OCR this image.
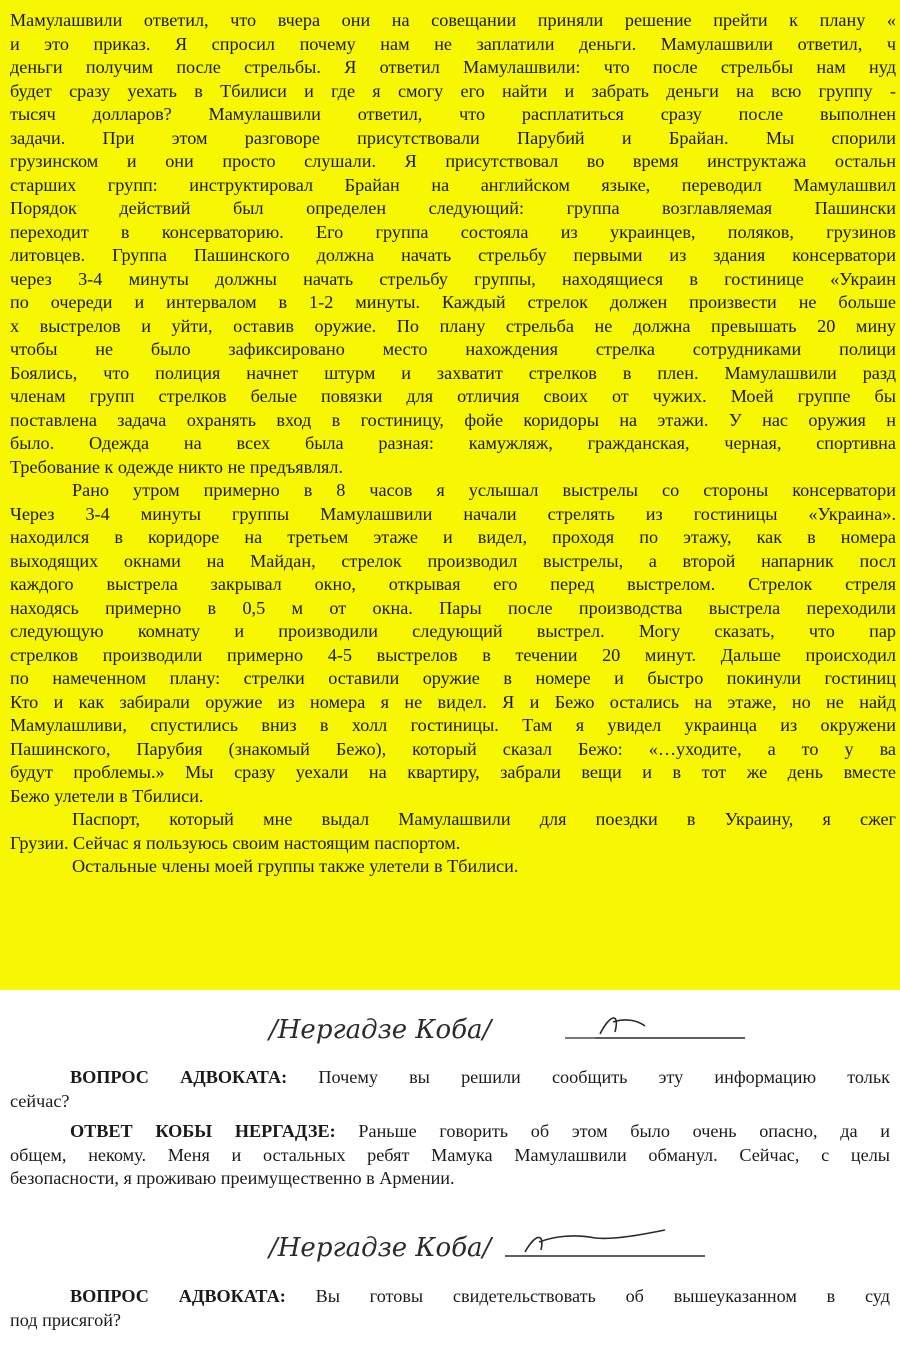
Мамулашвили ответил, что вчера они на совещании приняли решение прейти к плану «
и это приказ. Я спросил почему нам не заплатили деньги. Мамулашвили ответил, ч
деньги получим после стрельбы. Я ответил Мамулашвили: что после стрельбы нам нуд
будет сразу уехать в Тбилиси и где я смогу его найти и забрать деньги на всю группу -
тысяч долларов? Мамулашвили ответил, что расплатиться сразу после выполнен
задачи. При этом разговоре присутствовали Парубий и Брайан. Мы спорили
грузинском и они просто слушали. Я присутствовал во время инструктажа остальн
старших групп: инструктировал Брайан на английском языке, переводил Мамулашвил
Порядок действий был определен следующий: группа возглавляемая Пашински
переходит в консерваторию. Его группа состояла из украинцев, поляков, грузинов
литовцев. Группа Пашинского должна начать стрельбу первыми из здания консерватори
через 3-4 минуты должны начать стрельбу группы, находящиеся в гостинице «Украин
по очереди и интервалом в 1-2 минуты. Каждый стрелок должен произвести не больше
х выстрелов и уйти, оставив оружие. По плану стрельба не должна превышать 20 мину
чтобы не было зафиксировано место нахождения стрелка сотрудниками полици
Боялись, что полиция начнет штурм и захватит стрелков в плен. Мамулашвили разд
членам групп стрелков белые повязки для отличия своих от чужих. Моей группе бы
поставлена задача охранять вход в гостиницу, фойе коридоры на этажи. У нас оружия н
было. Одежда на всех была разная: камужляж, гражданская, черная, спортивна
Требование к одежде никто не предъявлял.
Рано утром примерно в 8 часов я услышал выстрелы со стороны консерватори
Через 3-4 минуты группы Мамулашвили начали стрелять из гостиницы «Украина».
находился в коридоре на третьем этаже и видел, проходя по этажу, как в номера
выходящих окнами на Майдан, стрелок производил выстрелы, а второй напарник посл
каждого выстрела закрывал окно, открывая его перед выстрелом. Стрелок стреля
находясь примерно в 0,5 м от окна. Пары после производства выстрела переходили
следующую комнату и производили следующий выстрел. Могу сказать, что пар
стрелков производили примерно 4-5 выстрелов в течении 20 минут. Дальше происходил
по намеченном плану: стрелки оставили оружие в номере и быстро покинули гостиниц
Кто и как забирали оружие из номера я не видел. Я и Бежо остались на этаже, но не найд
Мамулашливи, спустились вниз в холл гостиницы. Там я увидел украинца из окружени
Пашинского, Парубия (знакомый Бежо), который сказал Бежо: «…уходите, а то у ва
будут проблемы.» Мы сразу уехали на квартиру, забрали вещи и в тот же день вместе
Бежо улетели в Тбилиси.
Паспорт, который мне выдал Мамулашвили для поездки в Украину, я сжег
Грузии. Сейчас я пользуюсь своим настоящим паспортом.
Остальные члены моей группы также улетели в Тбилиси.
/Нергадзе Коба/
ВОПРОС АДВОКАТА: Почему вы решили сообщить эту информацию тольк
сейчас?
ОТВЕТ КОБЫ НЕРГАДЗЕ: Раньше говорить об этом было очень опасно, да и
общем, некому. Меня и остальных ребят Мамука Мамулашвили обманул. Сейчас, с целы
безопасности, я проживаю преимущественно в Армении.
/Нергадзе Коба/
ВОПРОС АДВОКАТА: Вы готовы свидетельствовать об вышеуказанном в суд
под присягой?
